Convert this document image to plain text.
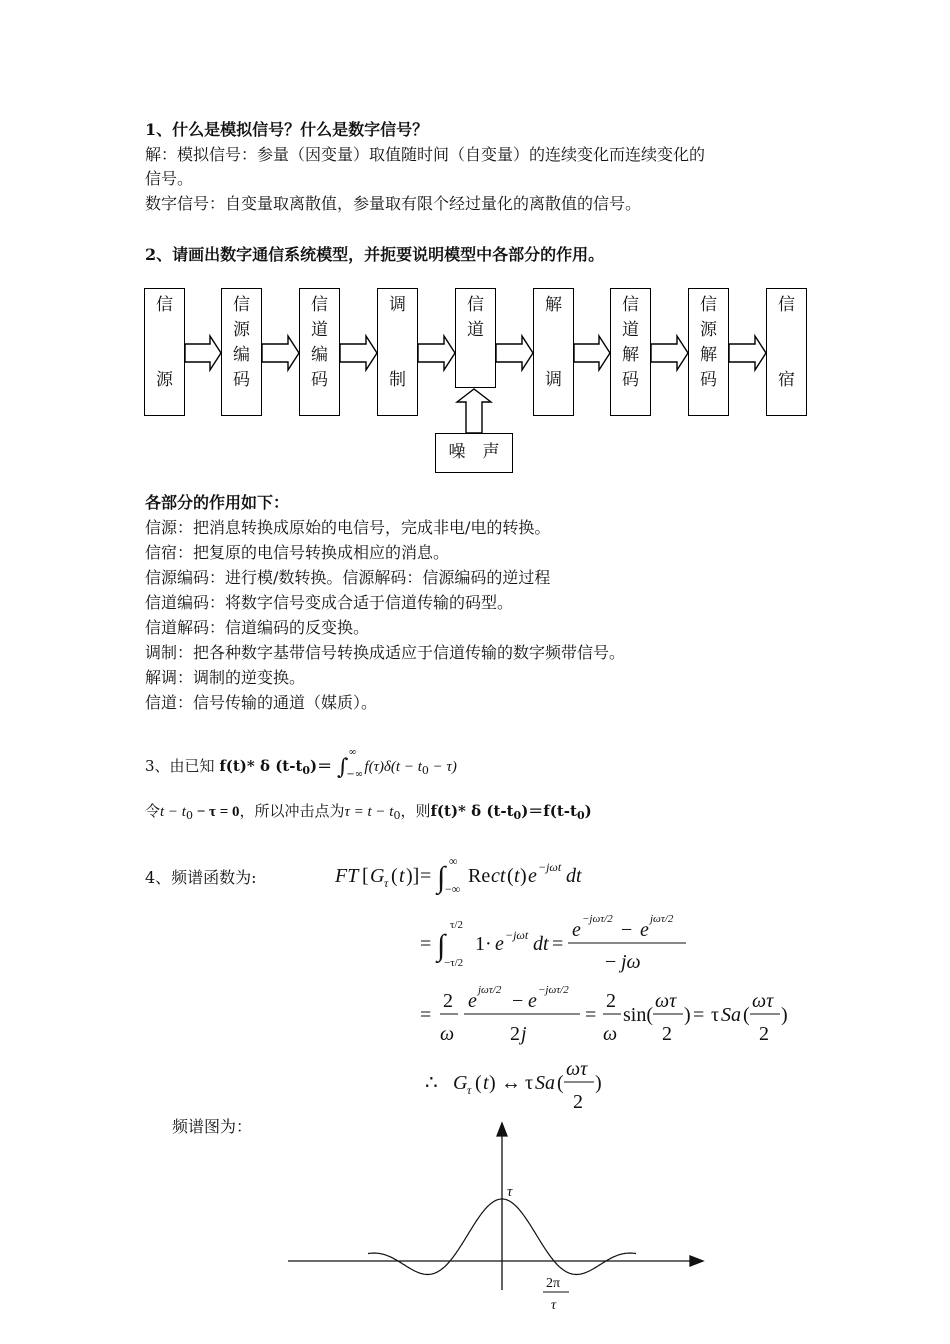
1、什么是模拟信号？什么是数字信号？
解：模拟信号：参量（因变量）取值随时间（自变量）的连续变化而连续变化的
信号。
数字信号：自变量取离散值，参量取有限个经过量化的离散值的信号。
2、请画出数字通信系统模型，并扼要说明模型中各部分的作用。
信
源
信
源
编
码
信
道
编
码
调
制
信
道
解
调
信
道
解
码
信
源
解
码
信
宿
噪　声
各部分的作用如下：
信源：把消息转换成原始的电信号，完成非电/电的转换。
信宿：把复原的电信号转换成相应的消息。
信源编码：进行模/数转换。信源解码：信源编码的逆过程
信道编码：将数字信号变成合适于信道传输的码型。
信道解码：信道编码的反变换。
调制：把各种数字基带信号转换成适应于信道传输的数字频带信号。
解调：调制的逆变换。
信道：信号传输的通道（媒质）。
3、由已知 f(t)* δ $(t-t_0)=$ ∫
∞
−∞ $f(\tau)\delta(t - t_0 - \tau)$
令$t - t_0 - \tau = 0$，所以冲击点为$\tau = t - t_0$，则f(t)* δ $(t-t_0)=f(t-t_0)$
4、频谱函数为:	FT [ G τ ( t )] = ∫ ∞
−∞
Re ct ( t ) e −jωt dt
= ∫
τ/2
−τ/2
1· e −jωt dt =
e −jωτ/2 − e jωτ/2
− jω
=
2
ω
e jωτ/2 − e −jωτ/2
2 j
=
2
ω
sin(
ωτ
2
) = τ Sa (
ωτ
2
)
∴ G τ ( t ) ↔ τ Sa (
ωτ
2
)
频谱图为：
τ
2π
τ
